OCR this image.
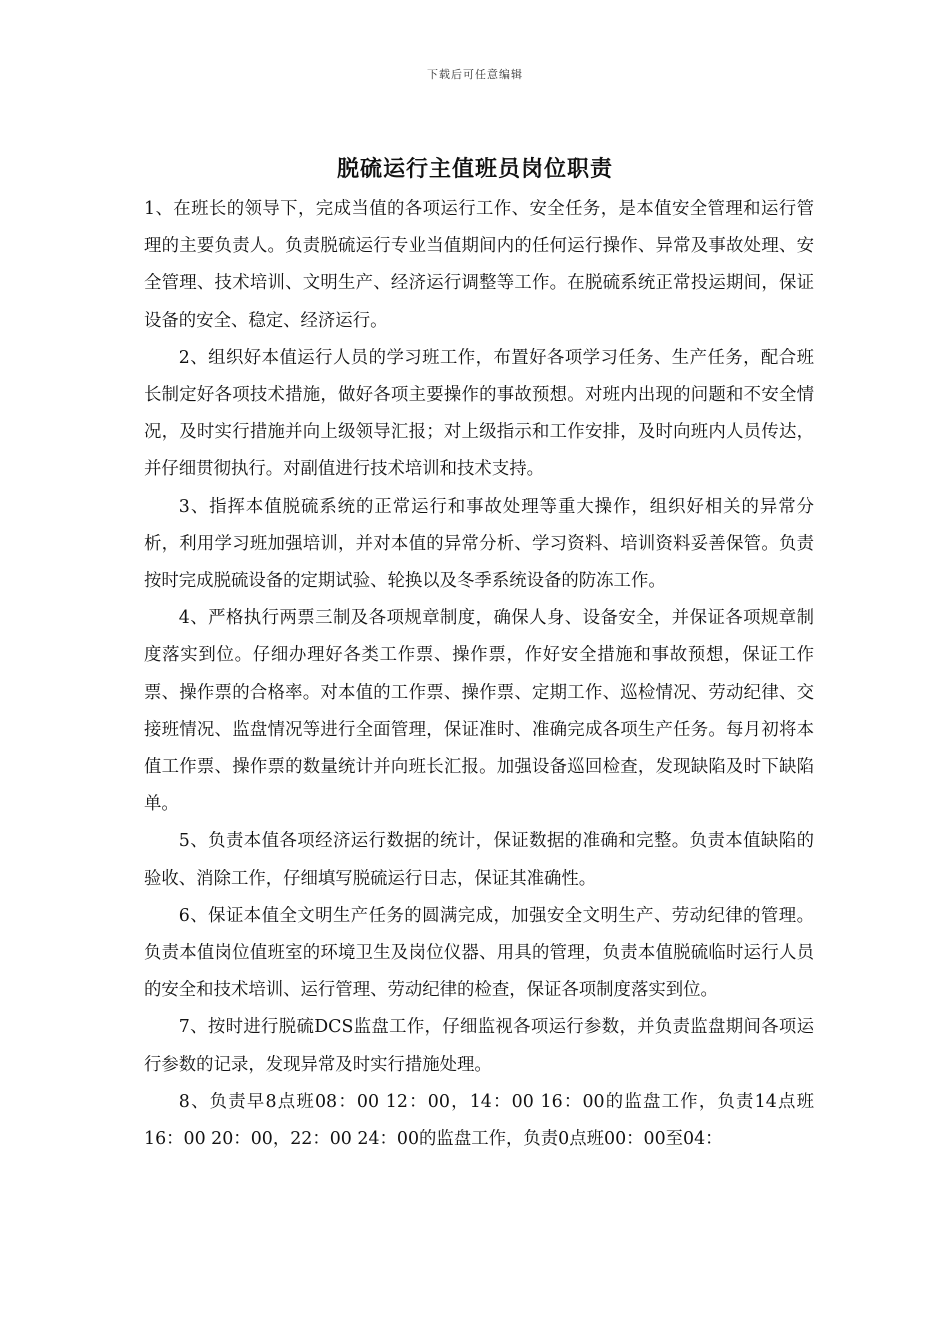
下载后可任意编辑
脱硫运行主值班员岗位职责

1、在班长的领导下，完成当值的各项运行工作、安全任务，是本值安全管理和运行管理的主要负责人。负责脱硫运行专业当值期间内的任何运行操作、异常及事故处理、安全管理、技术培训、文明生产、经济运行调整等工作。在脱硫系统正常投运期间，保证设备的安全、稳定、经济运行。

2、组织好本值运行人员的学习班工作，布置好各项学习任务、生产任务，配合班长制定好各项技术措施，做好各项主要操作的事故预想。对班内出现的问题和不安全情况，及时实行措施并向上级领导汇报；对上级指示和工作安排，及时向班内人员传达，并仔细贯彻执行。对副值进行技术培训和技术支持。

3、指挥本值脱硫系统的正常运行和事故处理等重大操作，组织好相关的异常分析，利用学习班加强培训，并对本值的异常分析、学习资料、培训资料妥善保管。负责按时完成脱硫设备的定期试验、轮换以及冬季系统设备的防冻工作。

4、严格执行两票三制及各项规章制度，确保人身、设备安全，并保证各项规章制度落实到位。仔细办理好各类工作票、操作票，作好安全措施和事故预想，保证工作票、操作票的合格率。对本值的工作票、操作票、定期工作、巡检情况、劳动纪律、交接班情况、监盘情况等进行全面管理，保证准时、准确完成各项生产任务。每月初将本值工作票、操作票的数量统计并向班长汇报。加强设备巡回检查，发现缺陷及时下缺陷单。

5、负责本值各项经济运行数据的统计，保证数据的准确和完整。负责本值缺陷的验收、消除工作，仔细填写脱硫运行日志，保证其准确性。

6、保证本值全文明生产任务的圆满完成，加强安全文明生产、劳动纪律的管理。负责本值岗位值班室的环境卫生及岗位仪器、用具的管理，负责本值脱硫临时运行人员的安全和技术培训、运行管理、劳动纪律的检查，保证各项制度落实到位。

7、按时进行脱硫DCS监盘工作，仔细监视各项运行参数，并负责监盘期间各项运行参数的记录，发现异常及时实行措施处理。

8、负责早8点班08：00 12：00，14：00 16：00的监盘工作，负责14点班16：00 20：00，22：00 24：00的监盘工作，负责0点班00：00至04：
